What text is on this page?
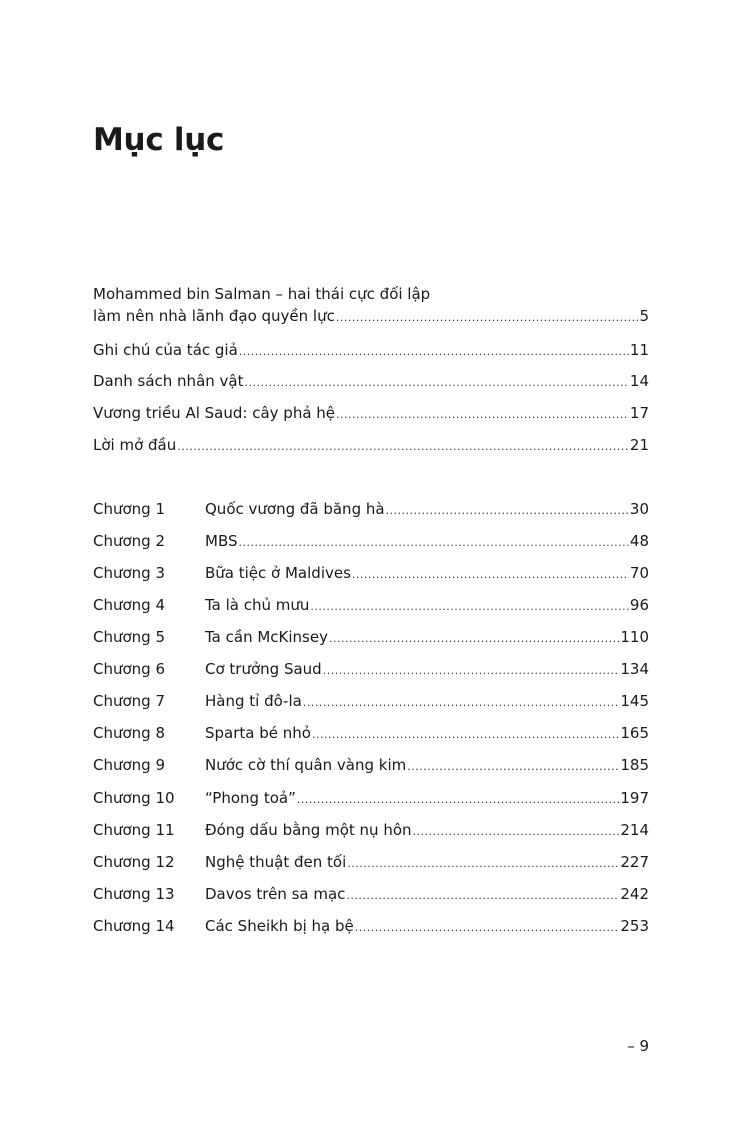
Mục lục
Mohammed bin Salman – hai thái cực đối lập
làm nên nhà lãnh đạo quyền lực .....	5
Ghi chú của tác giả .....	11
Danh sách nhân vật .....	14
Vương triều Al Saud: cây phả hệ .....	17
Lời mở đầu .....	21
Chương 1	Quốc vương đã băng hà .....	30
Chương 2	MBS .....	48
Chương 3	Bữa tiệc ở Maldives .....	70
Chương 4	Ta là chủ mưu .....	96
Chương 5	Ta cần McKinsey .....	110
Chương 6	Cơ trưởng Saud .....	134
Chương 7	Hàng tỉ đô-la .....	145
Chương 8	Sparta bé nhỏ .....	165
Chương 9	Nước cờ thí quân vàng kim .....	185
Chương 10	“Phong toả” .....	197
Chương 11	Đóng dấu bằng một nụ hôn .....	214
Chương 12	Nghệ thuật đen tối .....	227
Chương 13	Davos trên sa mạc .....	242
Chương 14	Các Sheikh bị hạ bệ .....	253
– 9
